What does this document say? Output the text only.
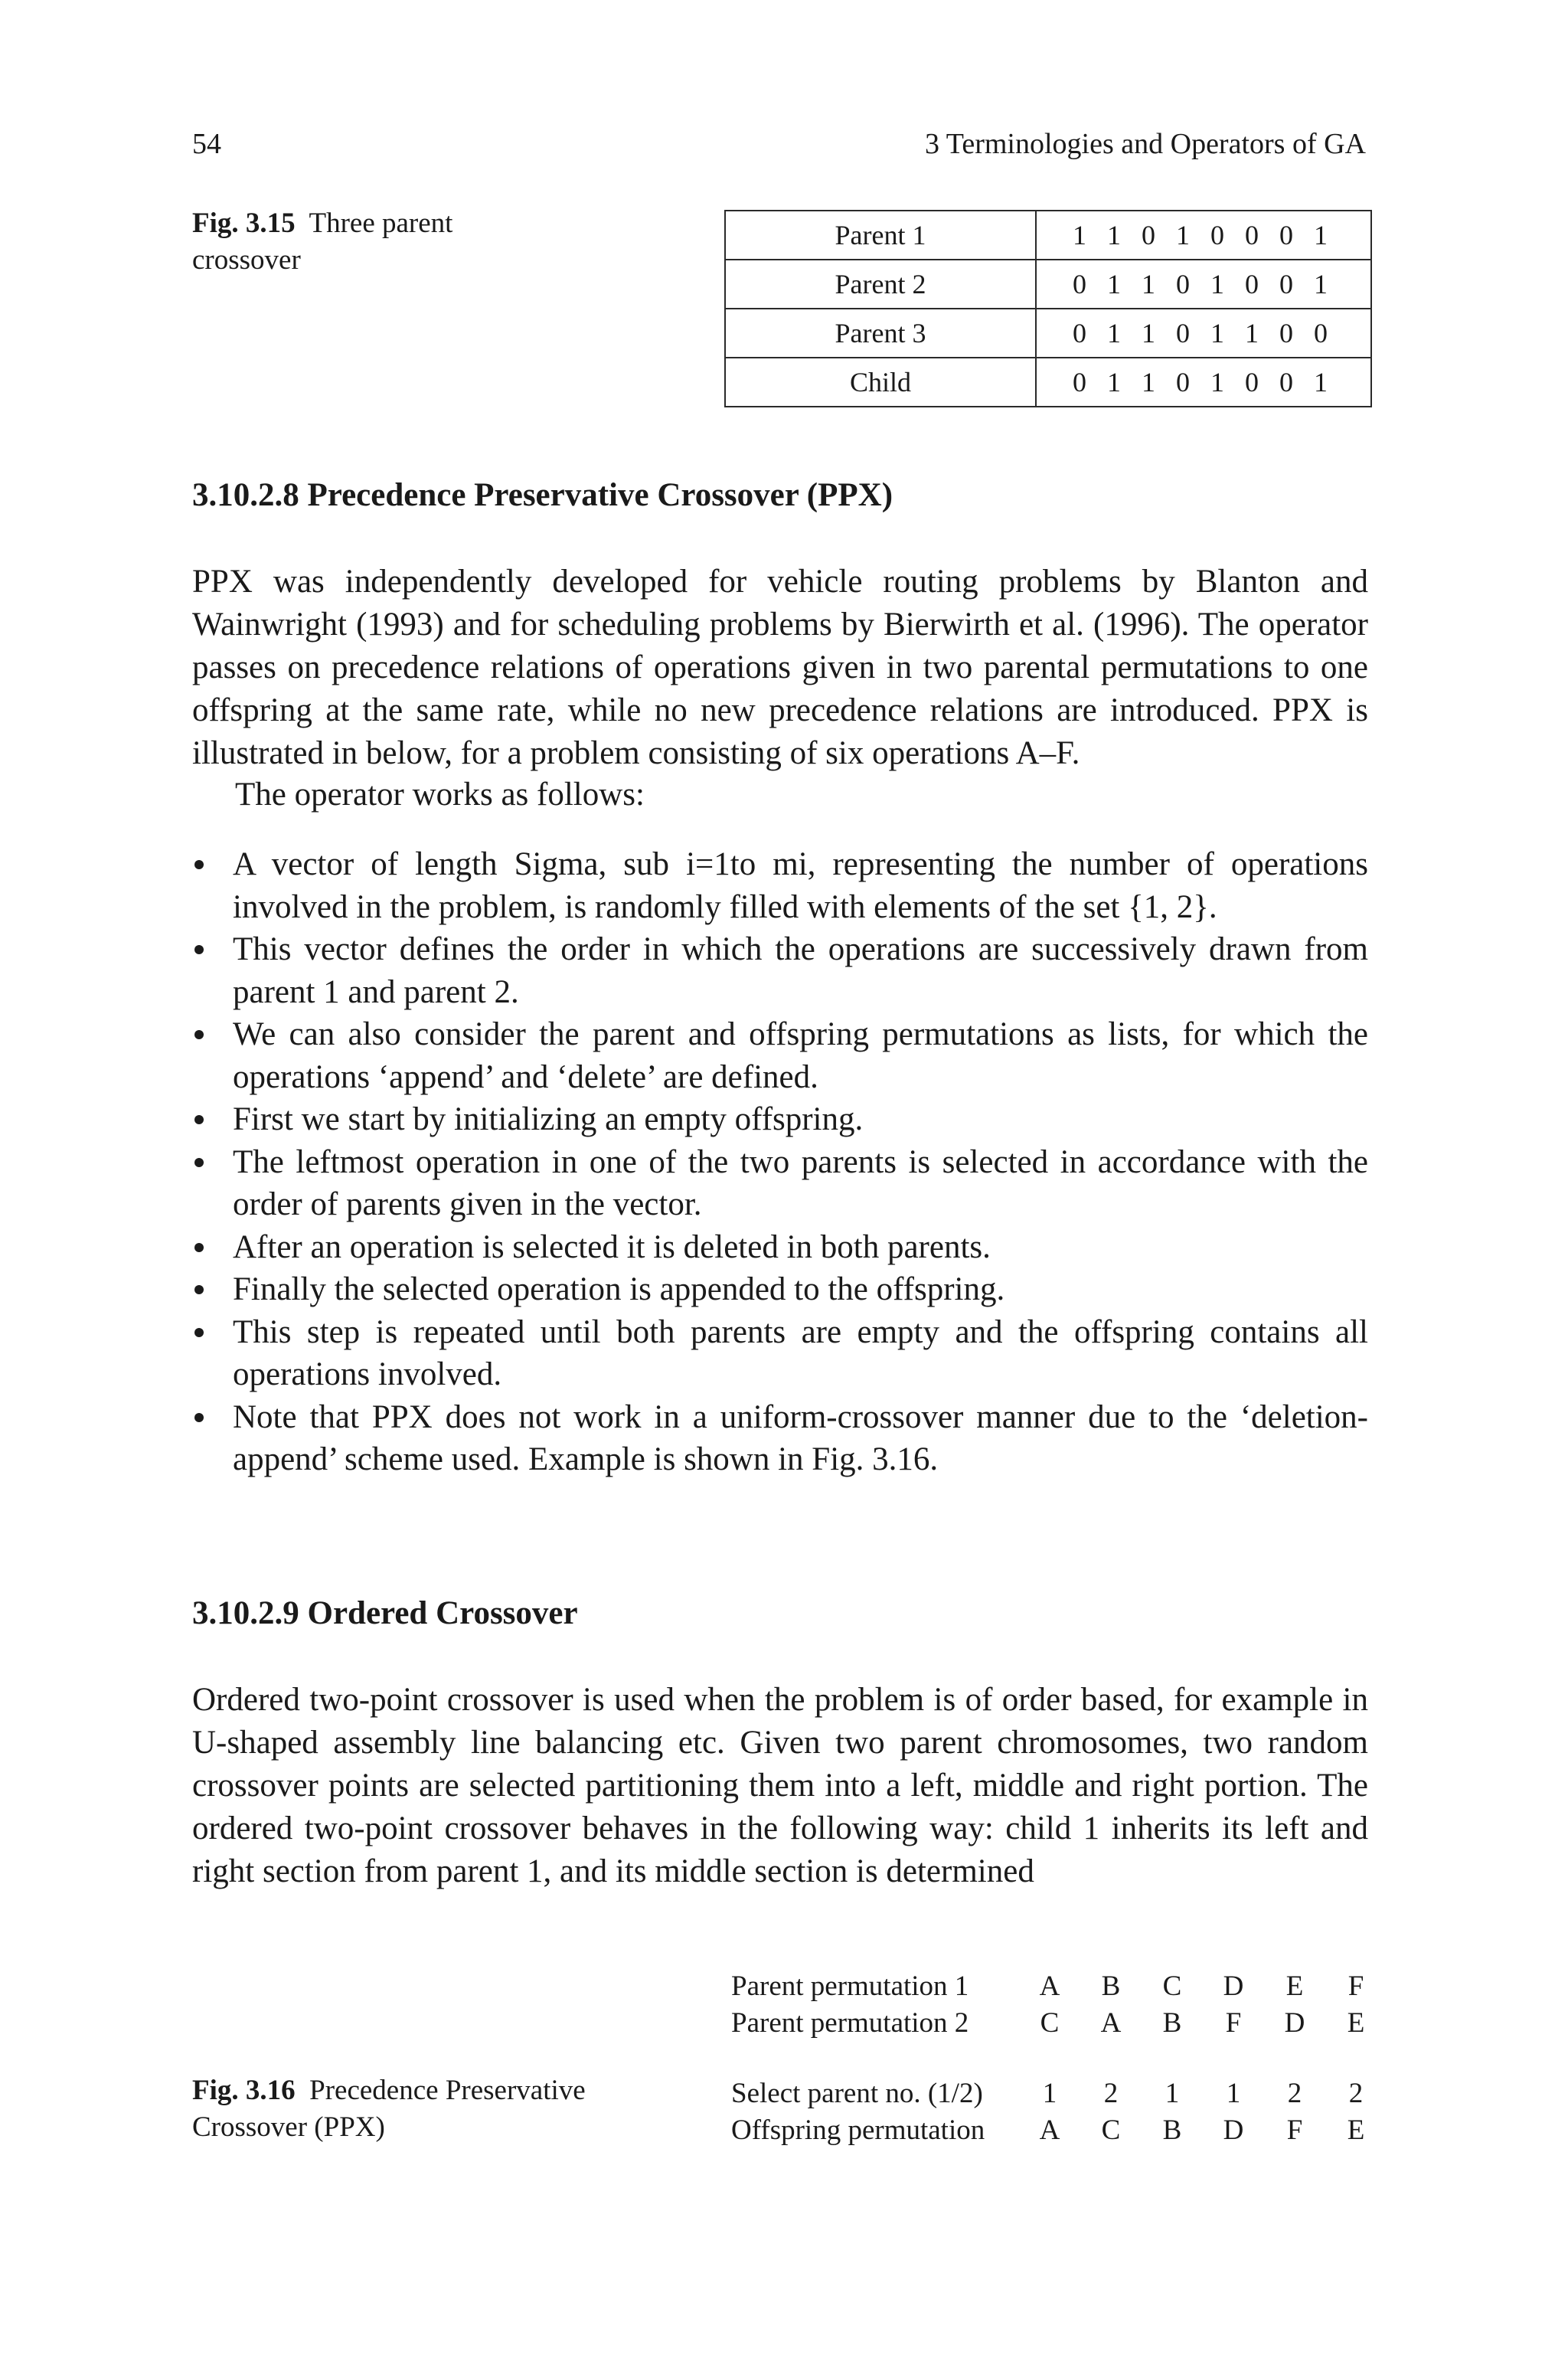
54	3 Terminologies and Operators of GA
Fig. 3.15 Three parent crossover
Parent 1	1 1 0 1 0 0 0 1
Parent 2	0 1 1 0 1 0 0 1
Parent 3	0 1 1 0 1 1 0 0
Child	0 1 1 0 1 0 0 1
3.10.2.8 Precedence Preservative Crossover (PPX)

PPX was independently developed for vehicle routing problems by Blanton and Wainwright (1993) and for scheduling problems by Bierwirth et al. (1996). The operator passes on precedence relations of operations given in two parental permutations to one offspring at the same rate, while no new precedence relations are introduced. PPX is illustrated in below, for a problem consisting of six operations A–F.

The operator works as follows:

A vector of length Sigma, sub i=1to mi, representing the number of operations involved in the problem, is randomly filled with elements of the set {1, 2}.
This vector defines the order in which the operations are successively drawn from parent 1 and parent 2.
We can also consider the parent and offspring permutations as lists, for which the operations ‘append’ and ‘delete’ are defined.
First we start by initializing an empty offspring.
The leftmost operation in one of the two parents is selected in accordance with the order of parents given in the vector.
After an operation is selected it is deleted in both parents.
Finally the selected operation is appended to the offspring.
This step is repeated until both parents are empty and the offspring contains all operations involved.
Note that PPX does not work in a uniform-crossover manner due to the ‘deletion-append’ scheme used. Example is shown in Fig. 3.16.
3.10.2.9 Ordered Crossover

Ordered two-point crossover is used when the problem is of order based, for example in U-shaped assembly line balancing etc. Given two parent chromosomes, two random crossover points are selected partitioning them into a left, middle and right portion. The ordered two-point crossover behaves in the following way: child 1 inherits its left and right section from parent 1, and its middle section is determined

Parent permutation 1 A B C D E F
Parent permutation 2	C A B F D E
Select parent no. (1/2) 1 2 1 1 2 2
Offspring permutation A C B D F E
Fig. 3.16 Precedence Preservative Crossover (PPX)
